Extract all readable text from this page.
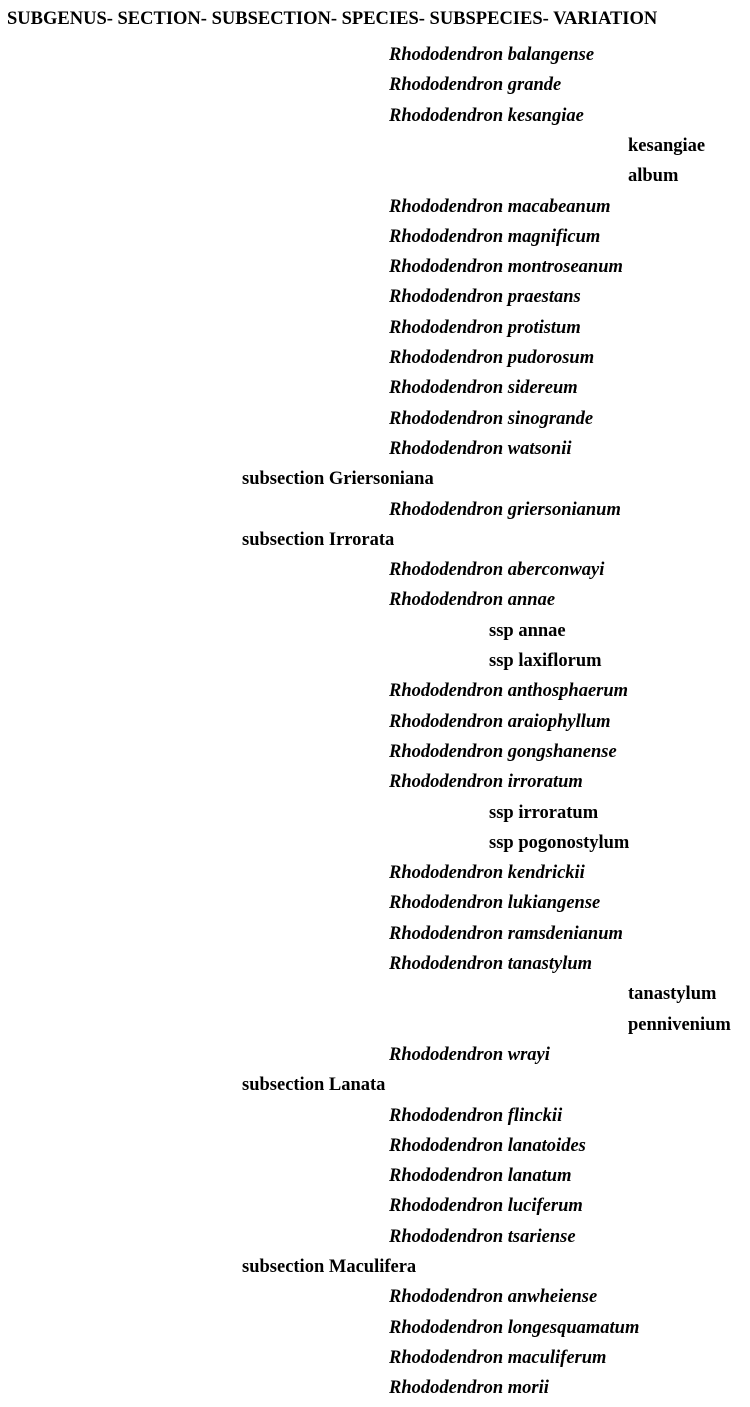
SUBGENUS- SECTION- SUBSECTION- SPECIES- SUBSPECIES- VARIATION
Rhododendron balangense
Rhododendron grande
Rhododendron kesangiae
kesangiae
album
Rhododendron macabeanum
Rhododendron magnificum
Rhododendron montroseanum
Rhododendron praestans
Rhododendron protistum
Rhododendron pudorosum
Rhododendron sidereum
Rhododendron sinogrande
Rhododendron watsonii
subsection Griersoniana
Rhododendron griersonianum
subsection Irrorata
Rhododendron aberconwayi
Rhododendron annae
ssp annae
ssp laxiflorum
Rhododendron anthosphaerum
Rhododendron araiophyllum
Rhododendron gongshanense
Rhododendron irroratum
ssp irroratum
ssp pogonostylum
Rhododendron kendrickii
Rhododendron lukiangense
Rhododendron ramsdenianum
Rhododendron tanastylum
tanastylum
pennivenium
Rhododendron wrayi
subsection Lanata
Rhododendron flinckii
Rhododendron lanatoides
Rhododendron lanatum
Rhododendron luciferum
Rhododendron tsariense
subsection Maculifera
Rhododendron anwheiense
Rhododendron longesquamatum
Rhododendron maculiferum
Rhododendron morii
